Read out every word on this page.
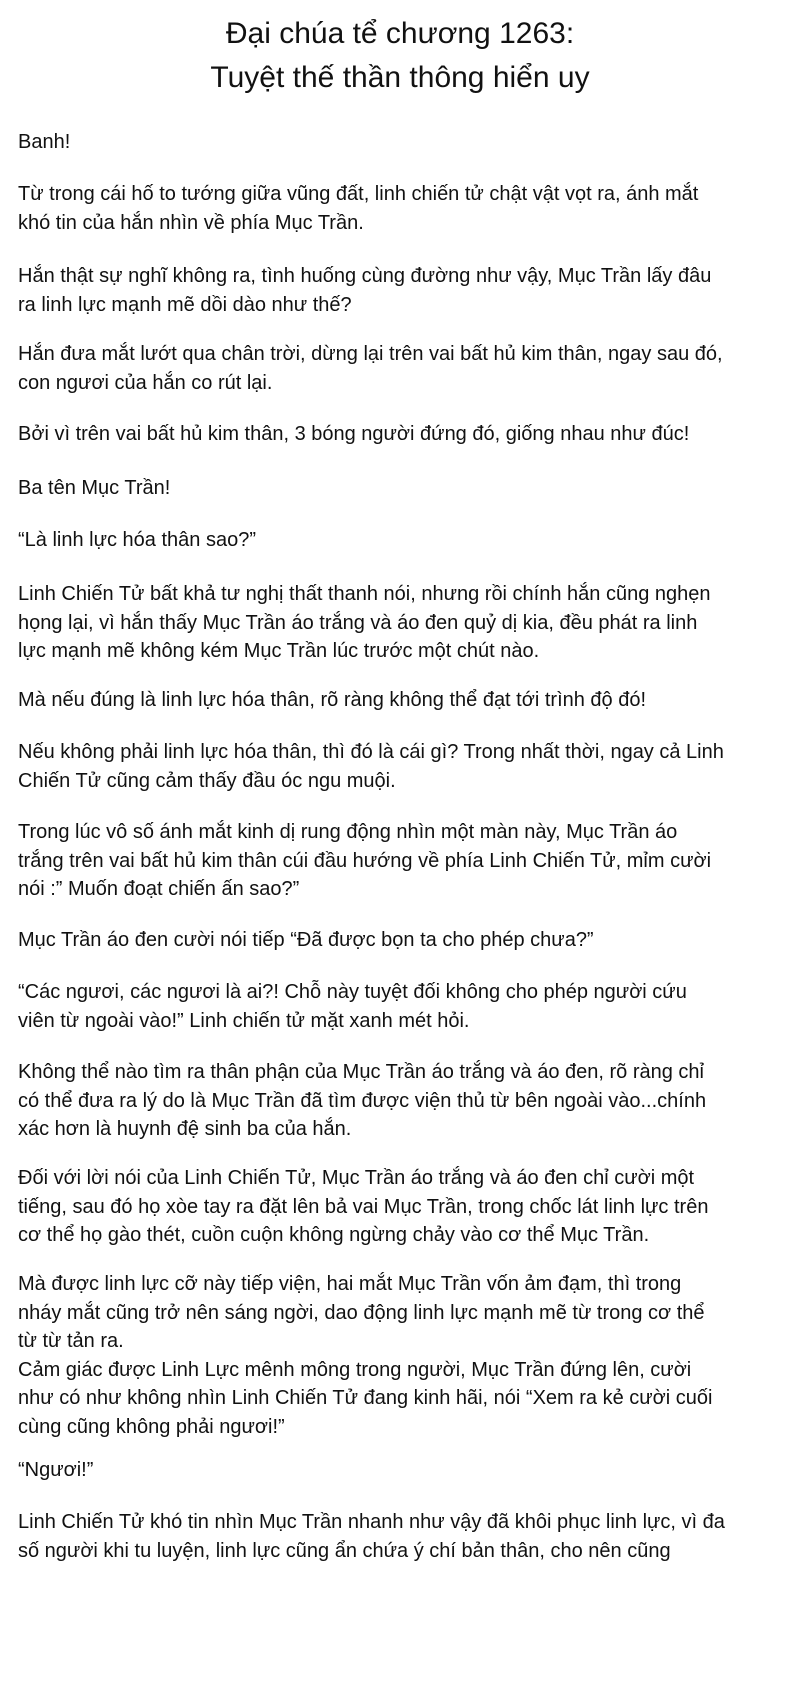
Đại chúa tể chương 1263:
Tuyệt thế thần thông hiển uy

Banh!

Từ trong cái hố to tướng giữa vũng đất, linh chiến tử chật vật vọt ra, ánh mắt
khó tin của hắn nhìn về phía Mục Trần.

Hắn thật sự nghĩ không ra, tình huống cùng đường như vậy, Mục Trần lấy đâu
ra linh lực mạnh mẽ dồi dào như thế?

Hắn đưa mắt lướt qua chân trời, dừng lại trên vai bất hủ kim thân, ngay sau đó,
con ngươi của hắn co rút lại.

Bởi vì trên vai bất hủ kim thân, 3 bóng người đứng đó, giống nhau như đúc!

Ba tên Mục Trần!

“Là linh lực hóa thân sao?”

Linh Chiến Tử bất khả tư nghị thất thanh nói, nhưng rồi chính hắn cũng nghẹn
họng lại, vì hắn thấy Mục Trần áo trắng và áo đen quỷ dị kia, đều phát ra linh
lực mạnh mẽ không kém Mục Trần lúc trước một chút nào.

Mà nếu đúng là linh lực hóa thân, rõ ràng không thể đạt tới trình độ đó!

Nếu không phải linh lực hóa thân, thì đó là cái gì? Trong nhất thời, ngay cả Linh
Chiến Tử cũng cảm thấy đầu óc ngu muội.

Trong lúc vô số ánh mắt kinh dị rung động nhìn một màn này, Mục Trần áo
trắng trên vai bất hủ kim thân cúi đầu hướng về phía Linh Chiến Tử, mỉm cười
nói :” Muốn đoạt chiến ấn sao?”

Mục Trần áo đen cười nói tiếp “Đã được bọn ta cho phép chưa?”

“Các ngươi, các ngươi là ai?! Chỗ này tuyệt đối không cho phép người cứu
viên từ ngoài vào!” Linh chiến tử mặt xanh mét hỏi.

Không thể nào tìm ra thân phận của Mục Trần áo trắng và áo đen, rõ ràng chỉ
có thể đưa ra lý do là Mục Trần đã tìm được viện thủ từ bên ngoài vào...chính
xác hơn là huynh đệ sinh ba của hắn.

Đối với lời nói của Linh Chiến Tử, Mục Trần áo trắng và áo đen chỉ cười một
tiếng, sau đó họ xòe tay ra đặt lên bả vai Mục Trần, trong chốc lát linh lực trên
cơ thể họ gào thét, cuồn cuộn không ngừng chảy vào cơ thể Mục Trần.

Mà được linh lực cỡ này tiếp viện, hai mắt Mục Trần vốn ảm đạm, thì trong
nháy mắt cũng trở nên sáng ngời, dao động linh lực mạnh mẽ từ trong cơ thể
từ từ tản ra.
Cảm giác được Linh Lực mênh mông trong người, Mục Trần đứng lên, cười
như có như không nhìn Linh Chiến Tử đang kinh hãi, nói “Xem ra kẻ cười cuối
cùng cũng không phải ngươi!”

“Ngươi!”

Linh Chiến Tử khó tin nhìn Mục Trần nhanh như vậy đã khôi phục linh lực, vì đa
số người khi tu luyện, linh lực cũng ẩn chứa ý chí bản thân, cho nên cũng
